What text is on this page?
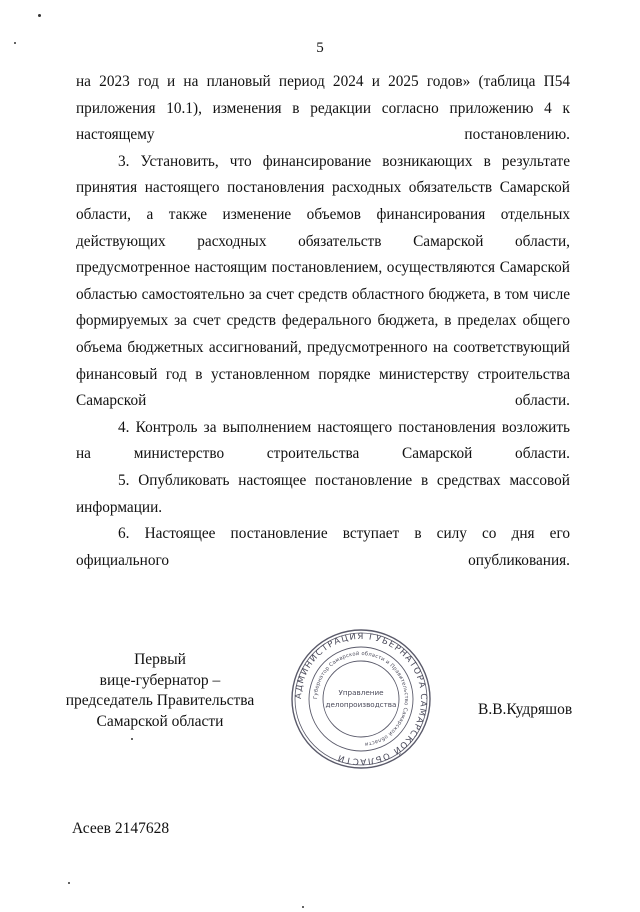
5

на 2023 год и на плановый период 2024 и 2025 годов» (таблица П54 приложения 10.1), изменения в редакции согласно приложению 4 к настоящему постановлению.

3. Установить, что финансирование возникающих в результате принятия настоящего постановления расходных обязательств Самарской области, а также изменение объемов финансирования отдельных действующих расходных обязательств Самарской области, предусмотренное настоящим постановлением, осуществляются Самарской областью самостоятельно за счет средств областного бюджета, в том числе формируемых за счет средств федерального бюджета, в пределах общего объема бюджетных ассигнований, предусмотренного на соответствующий финансовый год в установленном порядке министерству строительства Самарской области.

4. Контроль за выполнением настоящего постановления возложить на министерство строительства Самарской области.

5. Опубликовать настоящее постановление в средствах массовой информации.

6. Настоящее постановление вступает в силу со дня его официального опубликования.

Первый
вице-губернатор –
председатель Правительства
Самарской области
АДМИНИСТРАЦИЯ ГУБЕРНАТОРА САМАРСКОЙ ОБЛАСТИ
Губернатор Самарской области и Правительство Самарской области
Управление
делопроизводства	В.В.Кудряшов
Асеев 2147628
